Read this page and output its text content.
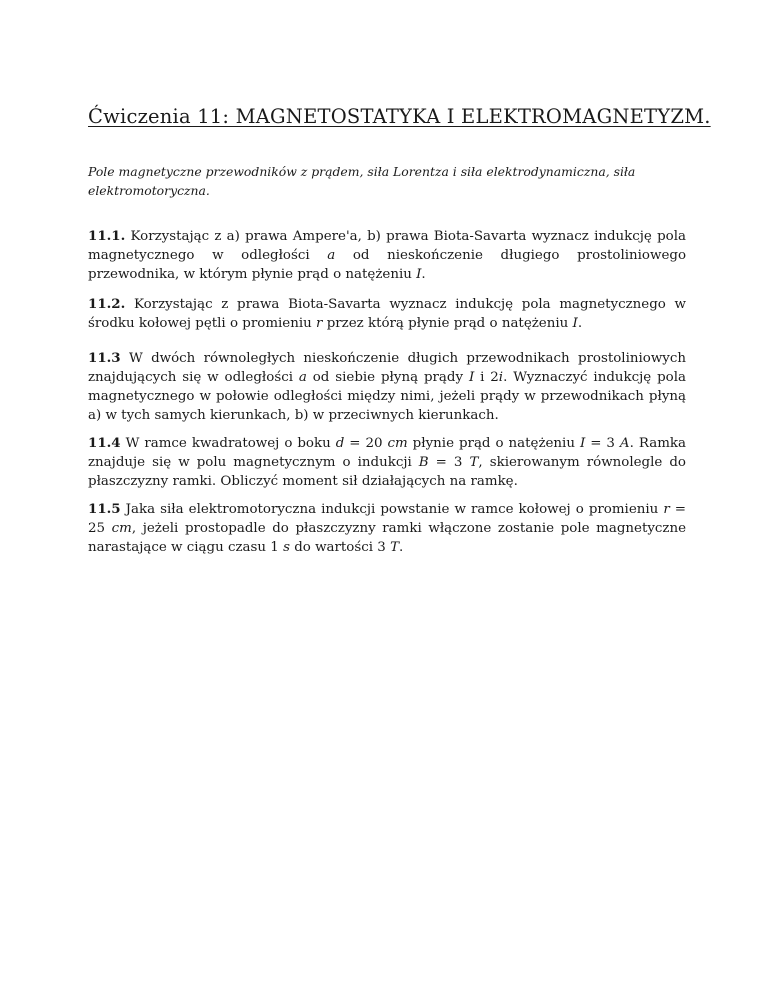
Ćwiczenia 11: MAGNETOSTATYKA I ELEKTROMAGNETYZM.

Pole magnetyczne przewodników z prądem, siła Lorentza i siła elektrodynamiczna, siła elektromotoryczna.

11.1. Korzystając z a) prawa Ampere'a, b) prawa Biota-Savarta wyznacz indukcję pola magnetycznego w odległości a od nieskończenie długiego prostoliniowego przewodnika, w którym płynie prąd o natężeniu I.

11.2. Korzystając z prawa Biota-Savarta wyznacz indukcję pola magnetycznego w środku kołowej pętli o promieniu r przez którą płynie prąd o natężeniu I.

11.3 W dwóch równoległych nieskończenie długich przewodnikach prostoliniowych znajdujących się w odległości a od siebie płyną prądy I i 2i. Wyznaczyć indukcję pola magnetycznego w połowie odległości między nimi, jeżeli prądy w przewodnikach płyną a) w tych samych kierunkach, b) w przeciwnych kierunkach.

11.4 W ramce kwadratowej o boku d = 20 cm płynie prąd o natężeniu I = 3 A. Ramka znajduje się w polu magnetycznym o indukcji B = 3 T, skierowanym równolegle do płaszczyzny ramki. Obliczyć moment sił działających na ramkę.

11.5 Jaka siła elektromotoryczna indukcji powstanie w ramce kołowej o promieniu r = 25 cm, jeżeli prostopadle do płaszczyzny ramki włączone zostanie pole magnetyczne narastające w ciągu czasu 1 s do wartości 3 T.
